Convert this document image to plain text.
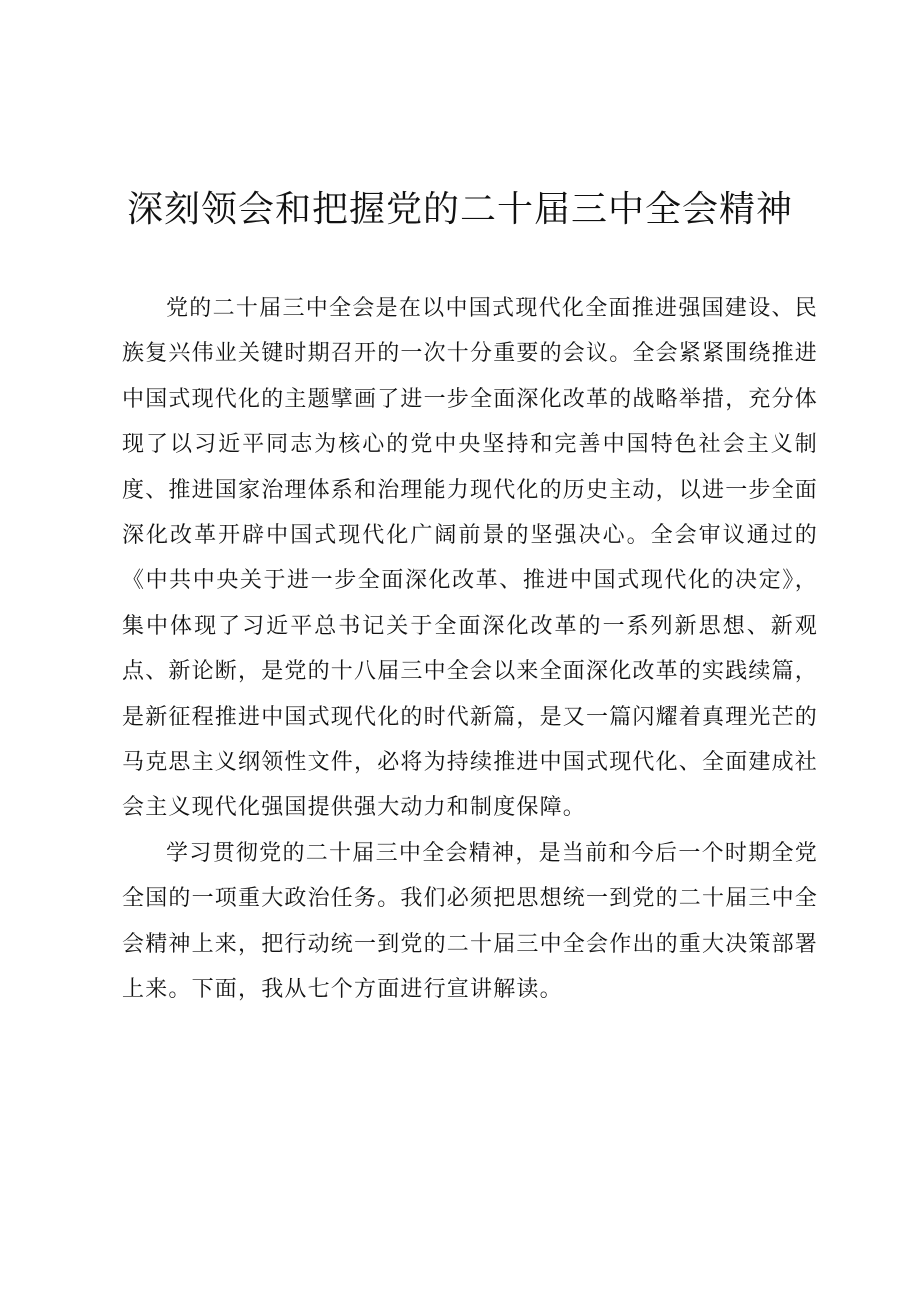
深刻领会和把握党的二十届三中全会精神

党的二十届三中全会是在以中国式现代化全面推进强国建设、民族复兴伟业关键时期召开的一次十分重要的会议。全会紧紧围绕推进中国式现代化的主题擘画了进一步全面深化改革的战略举措，充分体现了以习近平同志为核心的党中央坚持和完善中国特色社会主义制度、推进国家治理体系和治理能力现代化的历史主动，以进一步全面深化改革开辟中国式现代化广阔前景的坚强决心。全会审议通过的《中共中央关于进一步全面深化改革、推进中国式现代化的决定》，集中体现了习近平总书记关于全面深化改革的一系列新思想、新观点、新论断，是党的十八届三中全会以来全面深化改革的实践续篇，是新征程推进中国式现代化的时代新篇，是又一篇闪耀着真理光芒的马克思主义纲领性文件，必将为持续推进中国式现代化、全面建成社会主义现代化强国提供强大动力和制度保障。

学习贯彻党的二十届三中全会精神，是当前和今后一个时期全党全国的一项重大政治任务。我们必须把思想统一到党的二十届三中全会精神上来，把行动统一到党的二十届三中全会作出的重大决策部署上来。下面，我从七个方面进行宣讲解读。
